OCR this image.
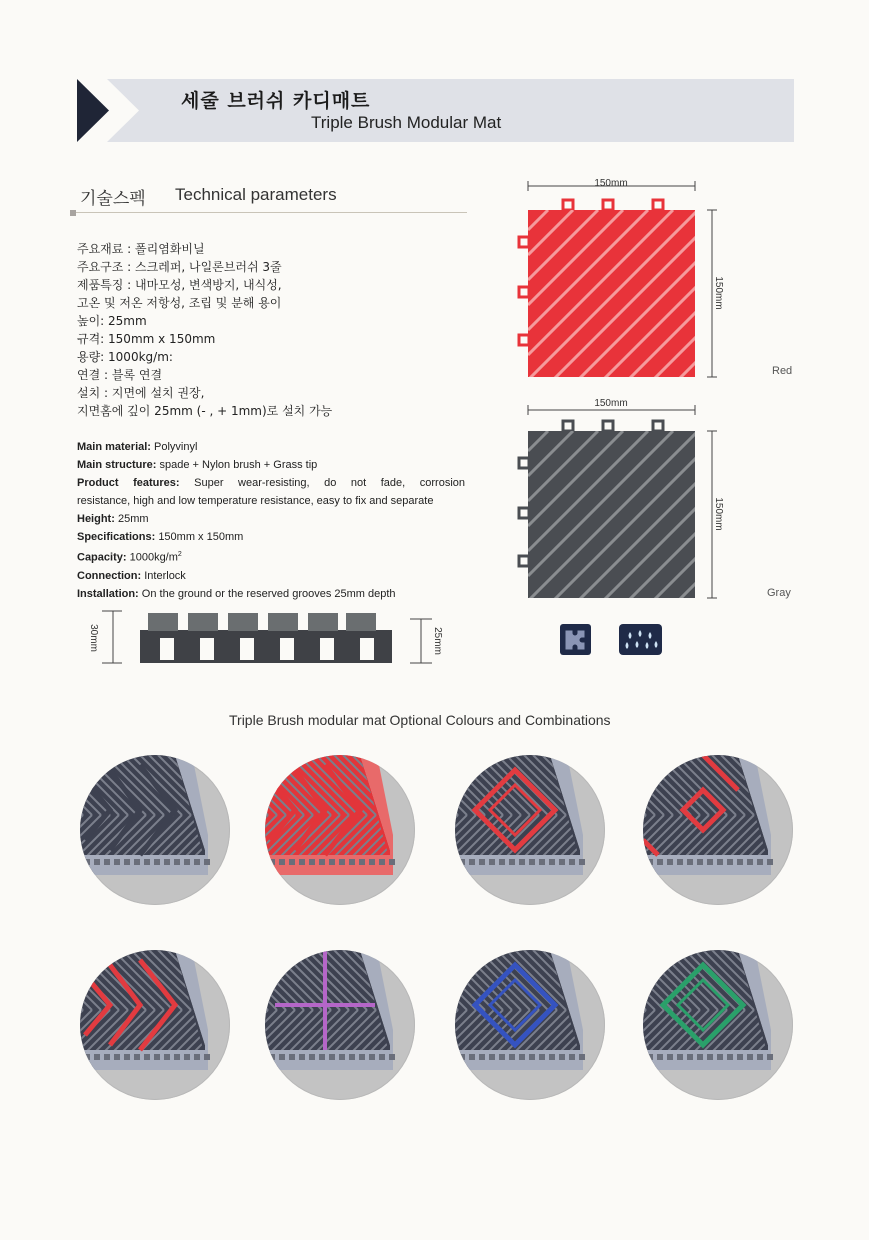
세줄 브러쉬 카디매트
Triple Brush Modular Mat
기술스펙 Technical parameters
주요재료 : 폴리염화비닐
주요구조 : 스크레퍼, 나일론브러쉬 3줄
제품특징 : 내마모성, 변색방지, 내식성,
고온 및 저온 저항성, 조립 및 분해 용이
높이: 25mm
규격: 150mm x 150mm
용량: 1000kg/m:
연결 : 블록 연결
설치 : 지면에 설치 권장,
지면홈에 깊이 25mm (- , + 1mm)로 설치 가능
Main material: Polyvinyl
Main structure: spade + Nylon brush + Grass tip
Product features: Super wear-resisting, do not fade, corrosion
resistance, high and low temperature resistance, easy to fix and separate
Height: 25mm
Specifications: 150mm x 150mm
Capacity: $1000kg/m^2$
Connection: Interlock
Installation: On the ground or the reserved grooves 25mm depth
30mm	25mm
150mm
150mm
Red
150mm
150mm
Gray
Triple Brush modular mat Optional Colours and Combinations
